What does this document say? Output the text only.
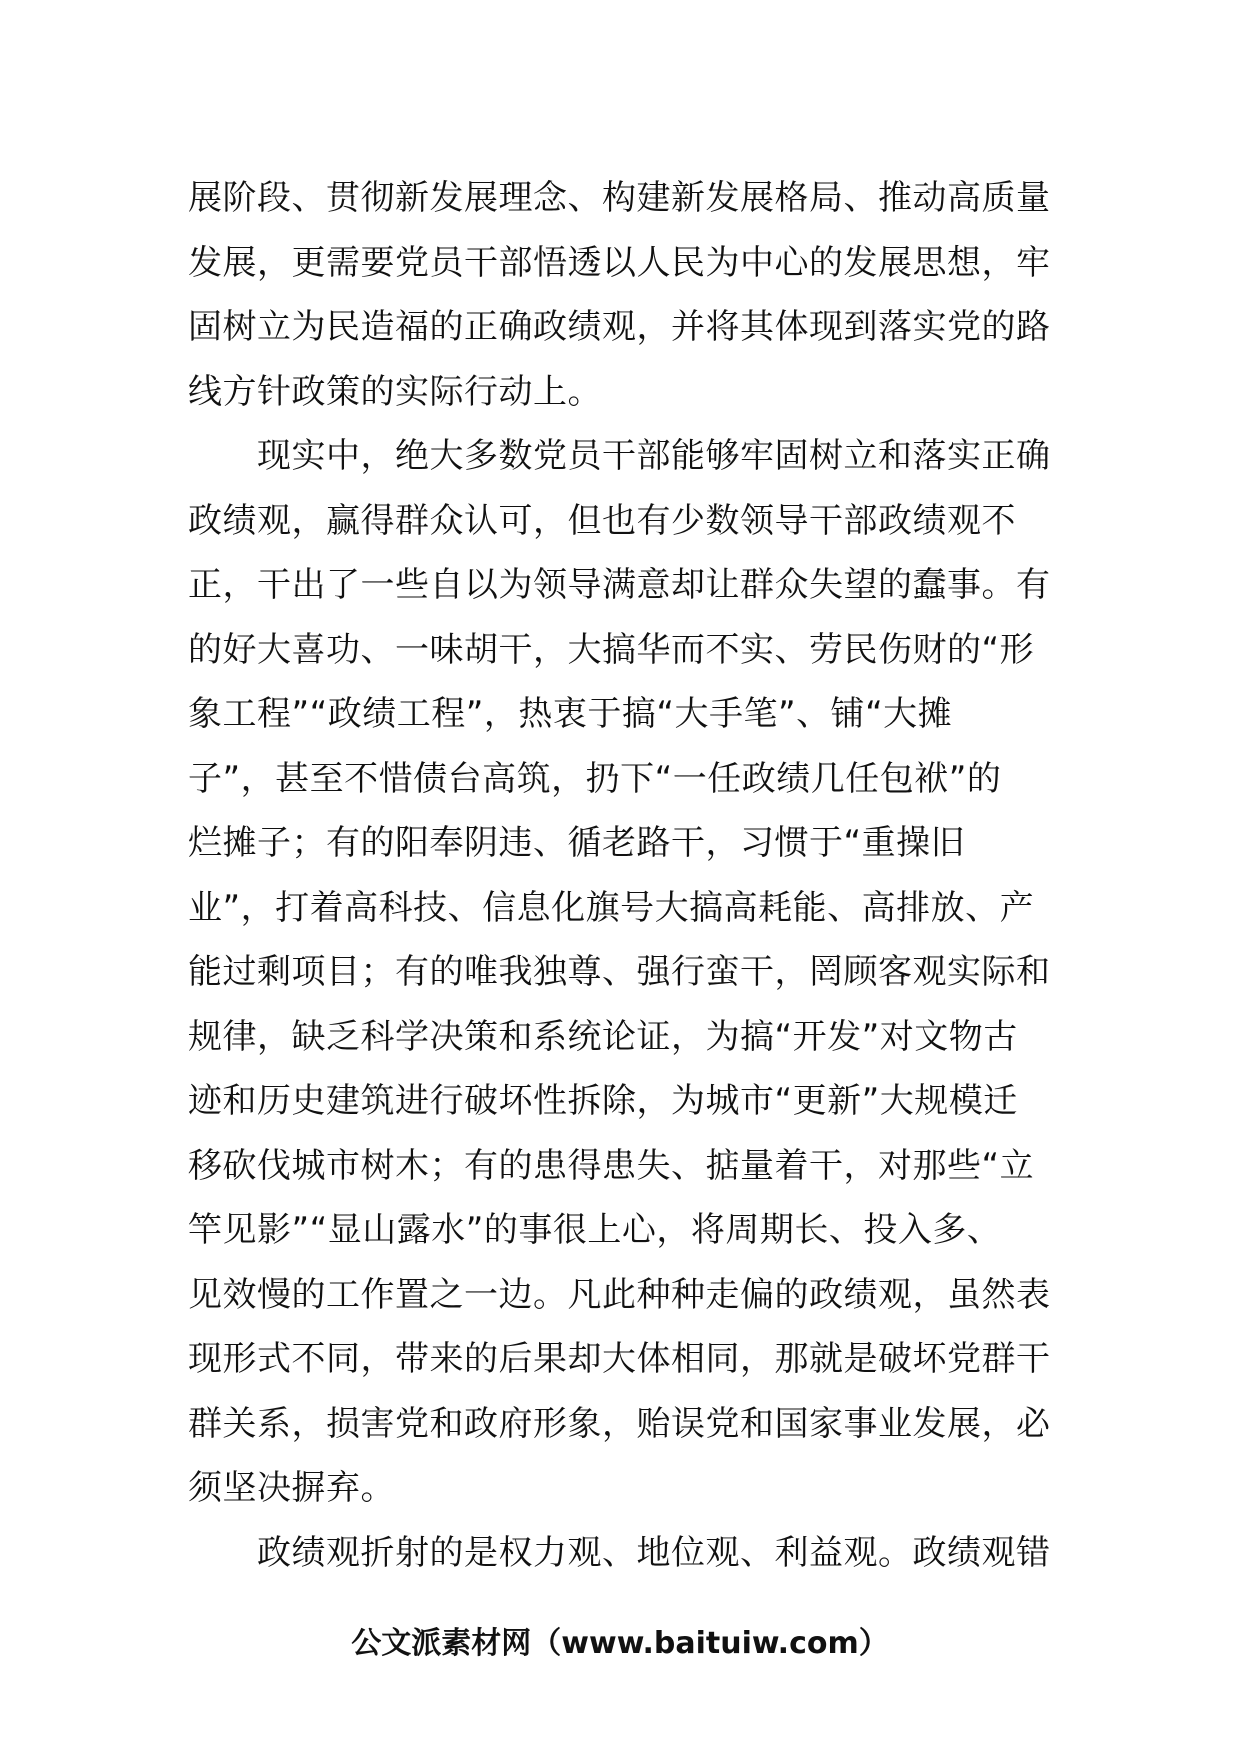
展阶段、贯彻新发展理念、构建新发展格局、推动高质量
发展，更需要党员干部悟透以人民为中心的发展思想，牢
固树立为民造福的正确政绩观，并将其体现到落实党的路
线方针政策的实际行动上。
　　现实中，绝大多数党员干部能够牢固树立和落实正确
政绩观，赢得群众认可，但也有少数领导干部政绩观不
正，干出了一些自以为领导满意却让群众失望的蠢事。有
的好大喜功、一味胡干，大搞华而不实、劳民伤财的“形
象工程”“政绩工程”，热衷于搞“大手笔”、铺“大摊
子”，甚至不惜债台高筑，扔下“一任政绩几任包袱”的
烂摊子；有的阳奉阴违、循老路干，习惯于“重操旧
业”，打着高科技、信息化旗号大搞高耗能、高排放、产
能过剩项目；有的唯我独尊、强行蛮干，罔顾客观实际和
规律，缺乏科学决策和系统论证，为搞“开发”对文物古
迹和历史建筑进行破坏性拆除，为城市“更新”大规模迁
移砍伐城市树木；有的患得患失、掂量着干，对那些“立
竿见影”“显山露水”的事很上心，将周期长、投入多、
见效慢的工作置之一边。凡此种种走偏的政绩观，虽然表
现形式不同，带来的后果却大体相同，那就是破坏党群干
群关系，损害党和政府形象，贻误党和国家事业发展，必
须坚决摒弃。
　　政绩观折射的是权力观、地位观、利益观。政绩观错
公文派素材网（www.baituiw.com）
